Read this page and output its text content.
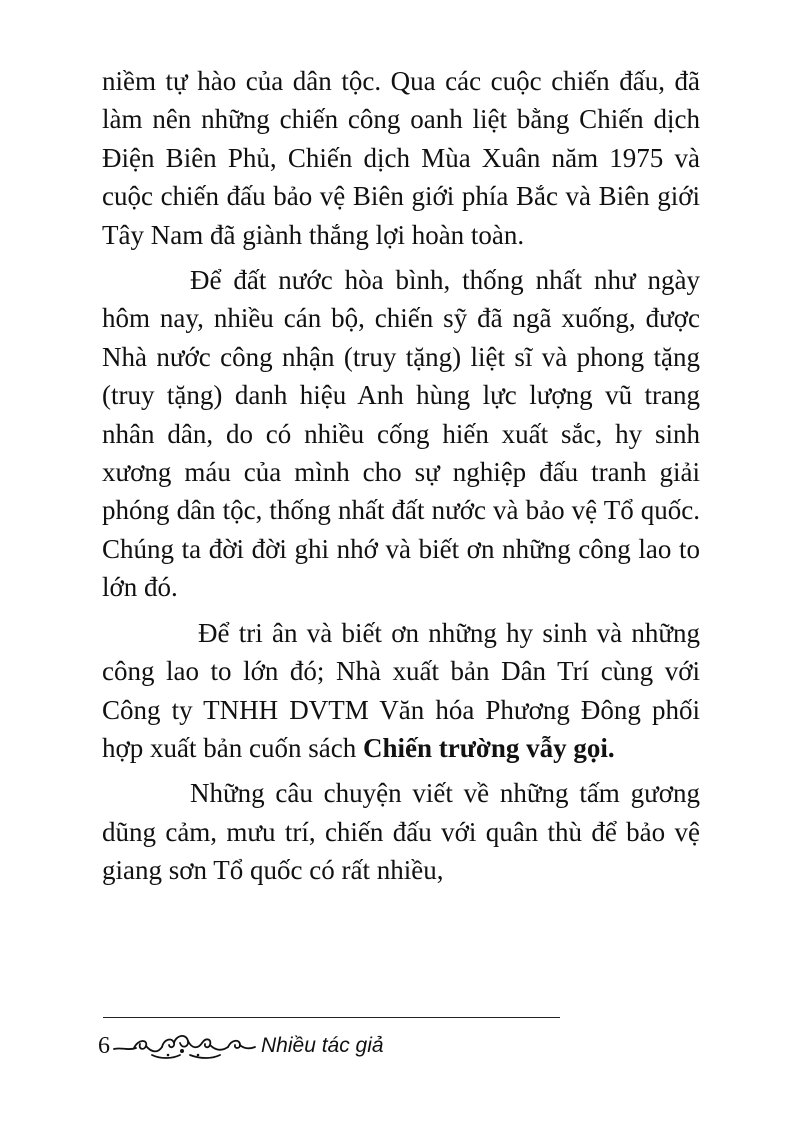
niềm tự hào của dân tộc. Qua các cuộc chiến đấu, đã làm nên những chiến công oanh liệt bằng Chiến dịch Điện Biên Phủ, Chiến dịch Mùa Xuân năm 1975 và cuộc chiến đấu bảo vệ Biên giới phía Bắc và Biên giới Tây Nam đã giành thắng lợi hoàn toàn.

Để đất nước hòa bình, thống nhất như ngày hôm nay, nhiều cán bộ, chiến sỹ đã ngã xuống, được Nhà nước công nhận (truy tặng) liệt sĩ và phong tặng (truy tặng) danh hiệu Anh hùng lực lượng vũ trang nhân dân, do có nhiều cống hiến xuất sắc, hy sinh xương máu của mình cho sự nghiệp đấu tranh giải phóng dân tộc, thống nhất đất nước và bảo vệ Tổ quốc. Chúng ta đời đời ghi nhớ và biết ơn những công lao to lớn đó.

Để tri ân và biết ơn những hy sinh và những công lao to lớn đó; Nhà xuất bản Dân Trí cùng với Công ty TNHH DVTM Văn hóa Phương Đông phối hợp xuất bản cuốn sách Chiến trường vẫy gọi.

Những câu chuyện viết về những tấm gương dũng cảm, mưu trí, chiến đấu với quân thù để bảo vệ giang sơn Tổ quốc có rất nhiều,

6	Nhiều tác giả
